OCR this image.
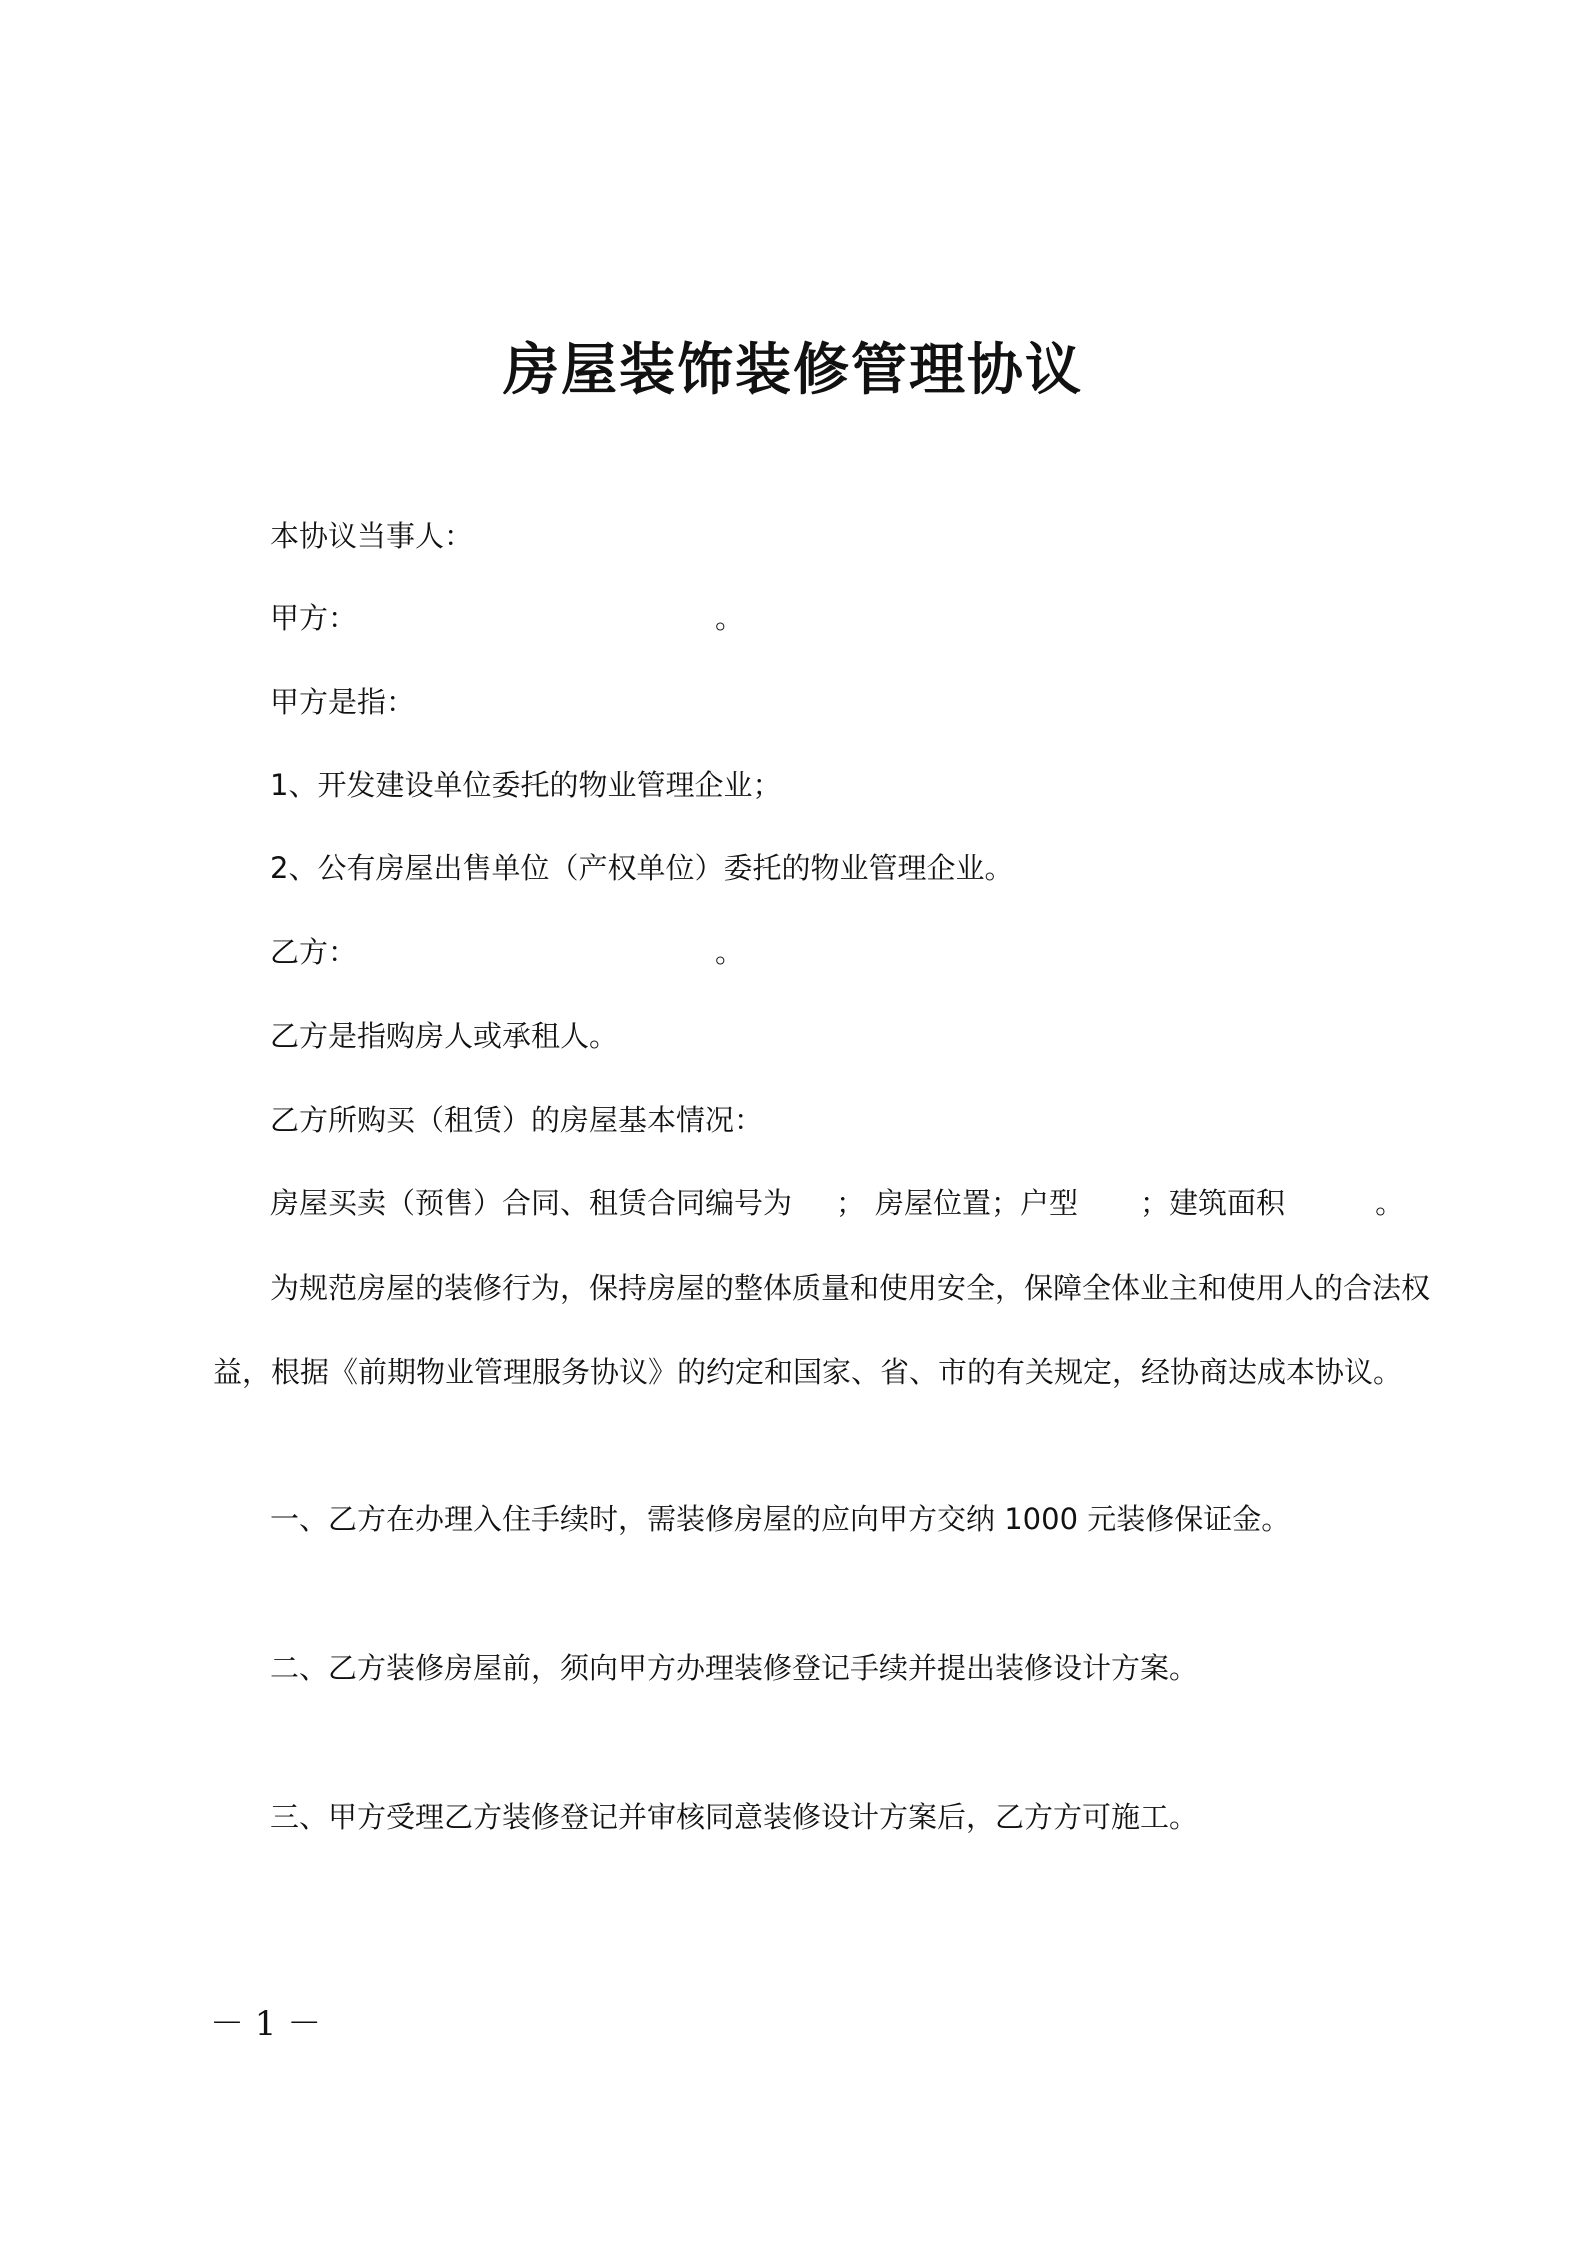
房屋装饰装修管理协议
本协议当事人：
甲方：	。
甲方是指：
1、开发建设单位委托的物业管理企业；
2、公有房屋出售单位（产权单位）委托的物业管理企业。
乙方：	。
乙方是指购房人或承租人。
乙方所购买（租赁）的房屋基本情况：
房屋买卖（预售）合同、租赁合同编号为 ； 房屋位置；户型 ；建筑面积	。
为规范房屋的装修行为，保持房屋的整体质量和使用安全，保障全体业主和使用人的合法权
益，根据《前期物业管理服务协议》的约定和国家、省、市的有关规定，经协商达成本协议。
一、乙方在办理入住手续时，需装修房屋的应向甲方交纳 1000 元装修保证金。
二、乙方装修房屋前，须向甲方办理装修登记手续并提出装修设计方案。
三、甲方受理乙方装修登记并审核同意装修设计方案后，乙方方可施工。
－ 1 －
